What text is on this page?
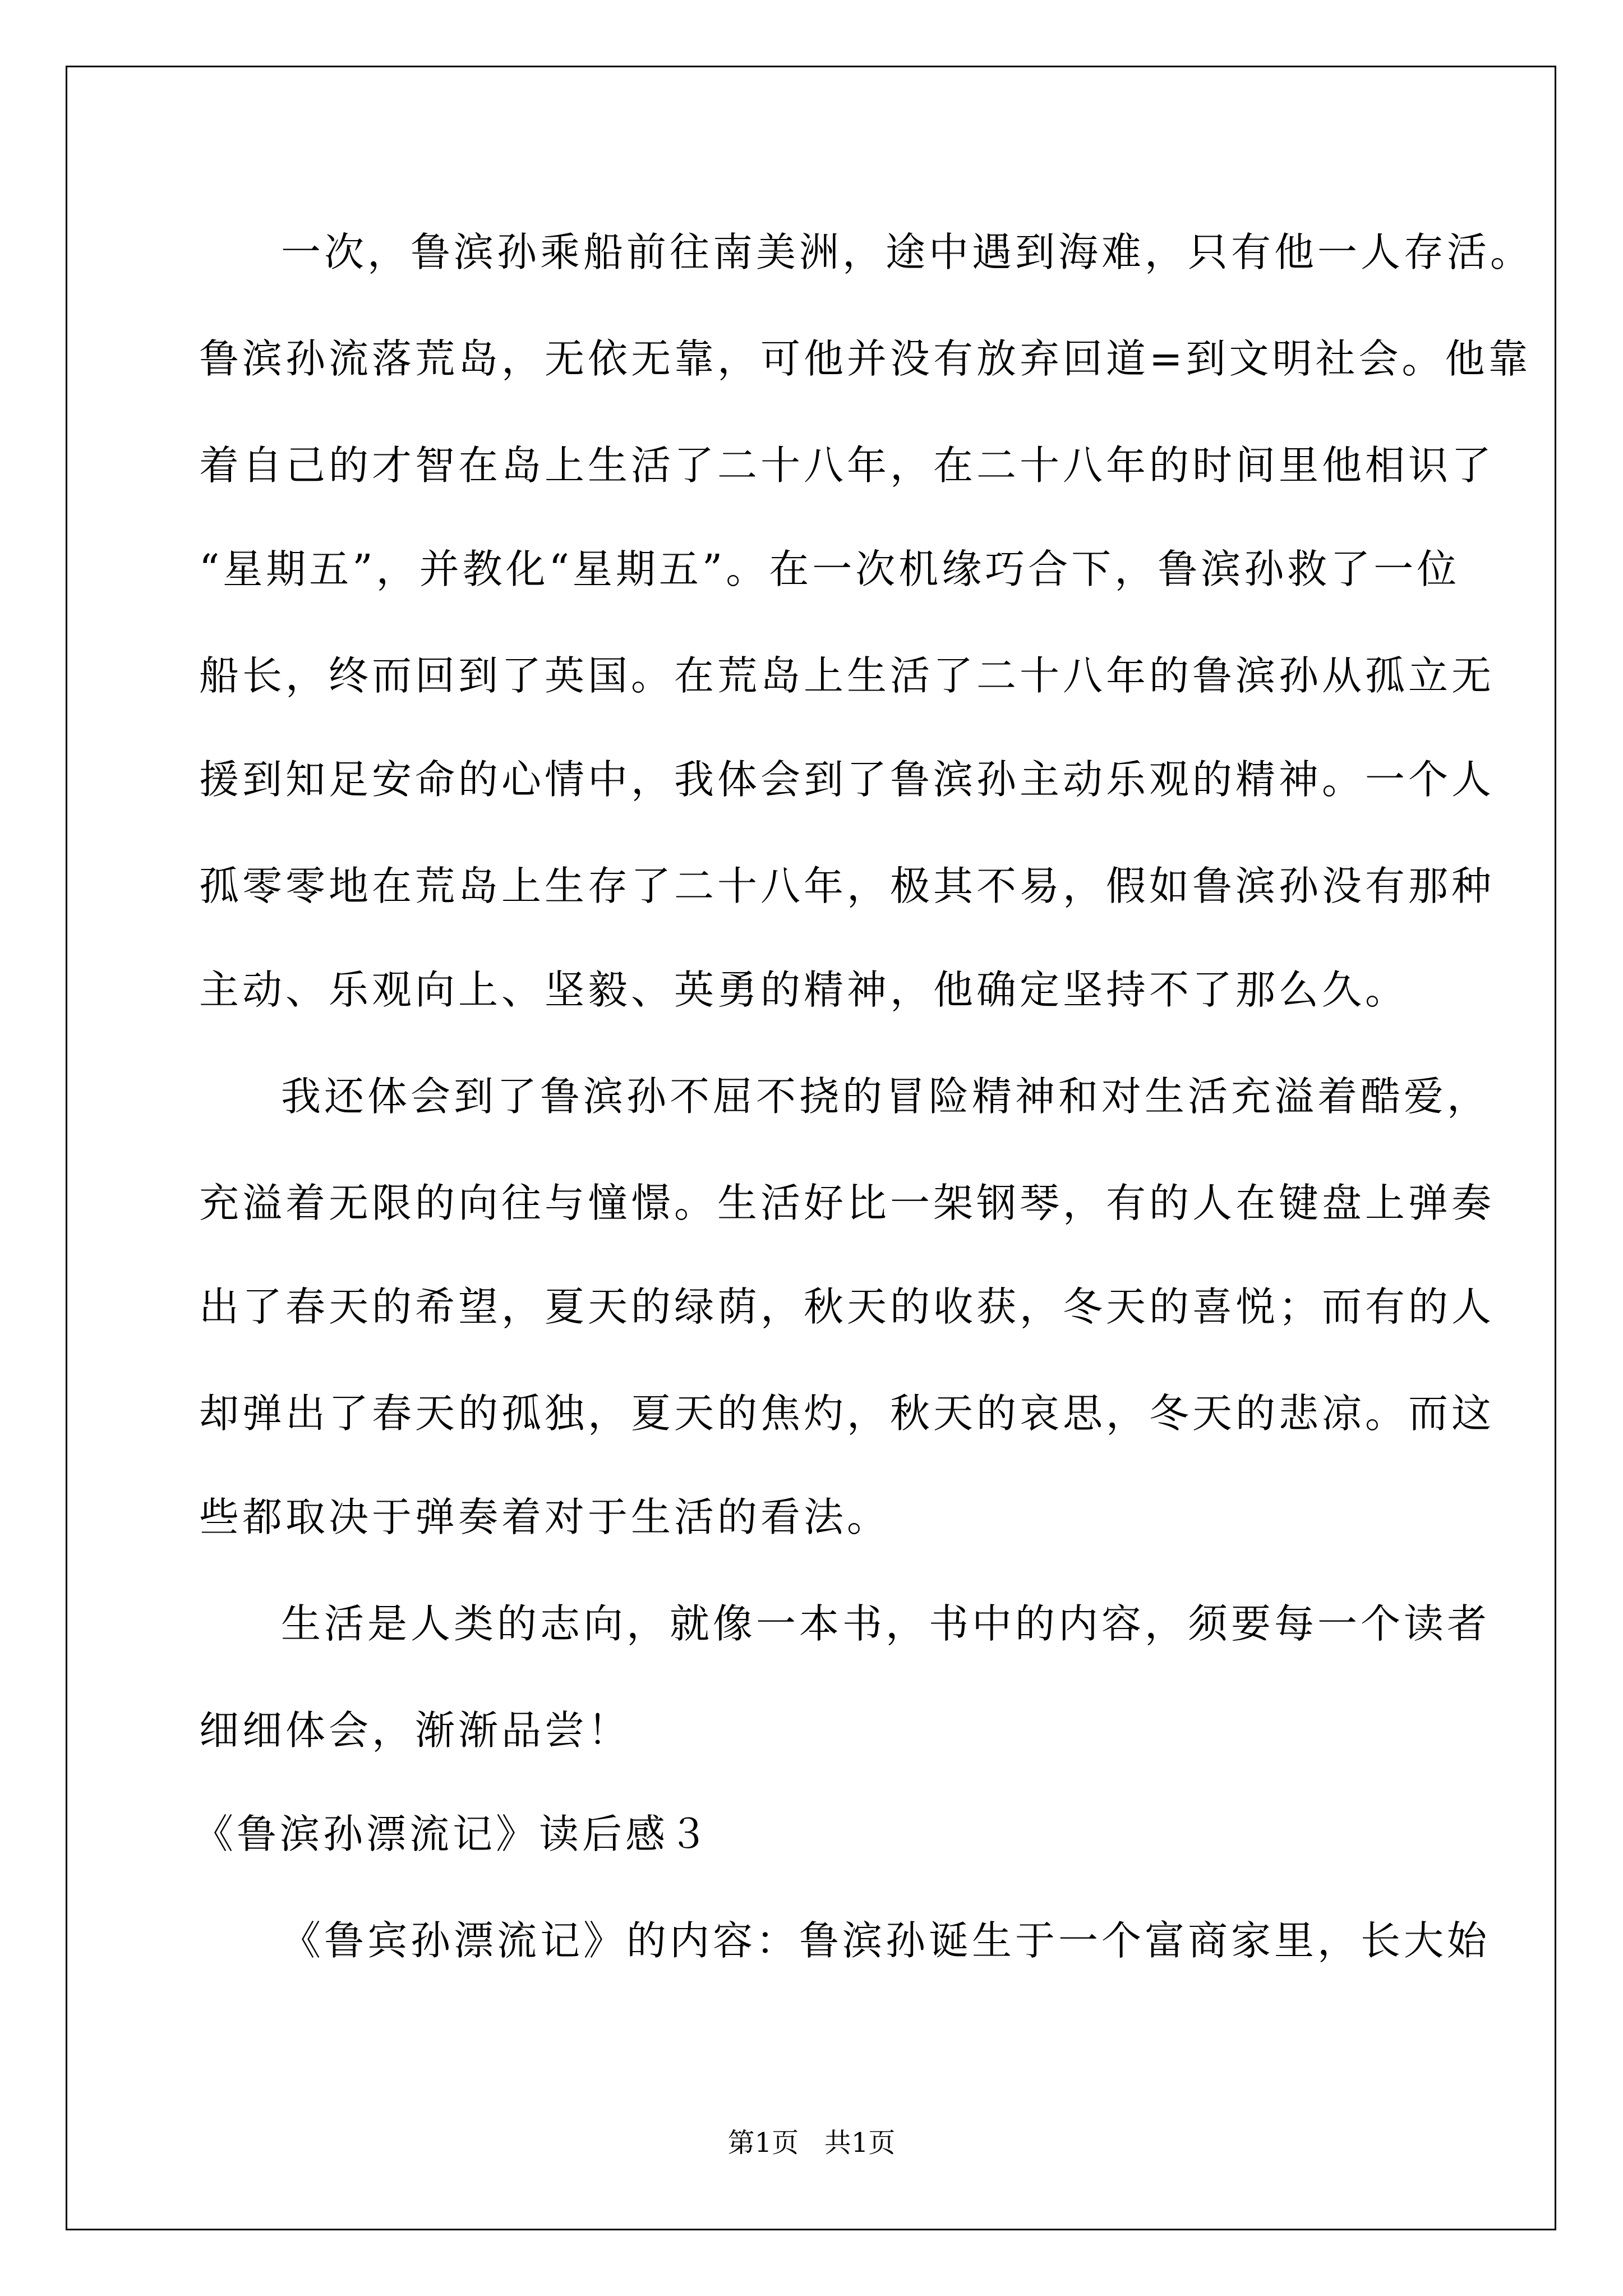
一次，鲁滨孙乘船前往南美洲，途中遇到海难，只有他一人存活。
鲁滨孙流落荒岛，无依无靠，可他并没有放弃回道=到文明社会。他靠
着自己的才智在岛上生活了二十八年，在二十八年的时间里他相识了
“星期五”，并教化“星期五”。在一次机缘巧合下，鲁滨孙救了一位
船长，终而回到了英国。在荒岛上生活了二十八年的鲁滨孙从孤立无
援到知足安命的心情中，我体会到了鲁滨孙主动乐观的精神。一个人
孤零零地在荒岛上生存了二十八年，极其不易，假如鲁滨孙没有那种
主动、乐观向上、坚毅、英勇的精神，他确定坚持不了那么久。
我还体会到了鲁滨孙不屈不挠的冒险精神和对生活充溢着酷爱，
充溢着无限的向往与憧憬。生活好比一架钢琴，有的人在键盘上弹奏
出了春天的希望，夏天的绿荫，秋天的收获，冬天的喜悦；而有的人
却弹出了春天的孤独，夏天的焦灼，秋天的哀思，冬天的悲凉。而这
些都取决于弹奏着对于生活的看法。
生活是人类的志向，就像一本书，书中的内容，须要每一个读者
细细体会，渐渐品尝！
《鲁滨孙漂流记》读后感３
《鲁宾孙漂流记》的内容：鲁滨孙诞生于一个富商家里，长大始
第1页   共1页
